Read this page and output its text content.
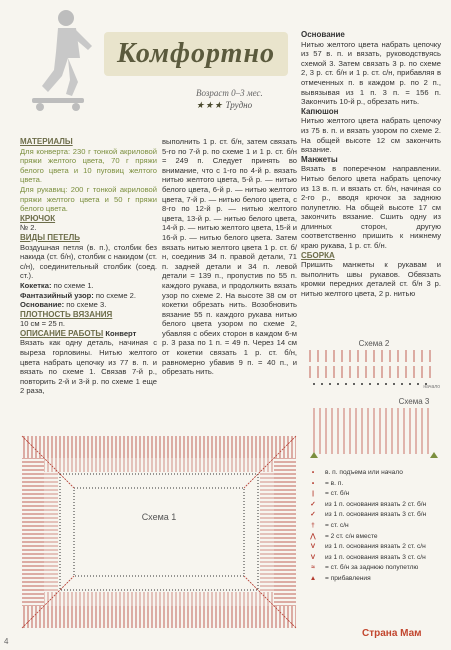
Комфортно
Возраст 0–3 мес.
★★★ Трудно

МАТЕРИАЛЫ

Для конверта: 230 г тонкой акриловой пряжи желтого цвета, 70 г пряжи белого цвета и 10 пуговиц желтого цвета.

Для рукавиц: 200 г тонкой акриловой пряжи желтого цвета и 50 г пряжи белого цвета.

КРЮЧОК

№ 2.

ВИДЫ ПЕТЕЛЬ

Воздушная петля (в. п.), столбик без накида (ст. б/н), столбик с накидом (ст. с/н), соединительный столбик (соед. ст.).

Кокетка: по схеме 1.

Фантазийный узор: по схеме 2.

Основание: по схеме 3.

ПЛОТНОСТЬ ВЯЗАНИЯ

10 см = 25 п.

ОПИСАНИЕ РАБОТЫ Конверт

Вязать как одну деталь, начиная с выреза горловины. Нитью желтого цвета набрать цепочку из 77 в. п. и вязать по схеме 1. Связав 7-й р., повторить 2-й и 3-й р. по схеме 1 еще 2 раза,

выполнить 1 р. ст. б/н, затем связать 5-го по 7-й р. по схеме 1 и 1 р. ст. б/н = 249 п. Следует принять во внимание, что с 1-го по 4-й р. вязать нитью желтого цвета, 5-й р. — нитью белого цвета, 6-й р. — нитью желтого цвета, 7-й р. — нитью белого цвета, с 8-го по 12-й р. — нитью желтого цвета, 13-й р. — нитью белого цвета, 14-й р. — нитью желтого цвета, 15-й и 16-й р. — нитью белого цвета. Затем вязать нитью желтого цвета 1 р. ст. б/н, соединив 34 п. правой детали, 71 п. задней детали и 34 п. левой детали = 139 п., пропустив по 55 п. каждого рукава, и продолжить вязать узор по схеме 2. На высоте 38 см от кокетки обрезать нить. Возобновить вязание 55 п. каждого рукава нитью белого цвета узором по схеме 2, убавляя с обеих сторон в каждом 6-м р. 3 раза по 1 п. = 49 п. Через 14 см от кокетки связать 1 р. ст. б/н, равномерно убавив 9 п. = 40 п., и обрезать нить.

Основание

Нитью желтого цвета набрать цепочку из 57 в. п. и вязать, руководствуясь схемой 3. Затем связать 3 р. по схеме 2, 3 р. ст. б/н и 1 р. ст. с/н, прибавляя в отмеченных п. в каждом р. по 2 п., вывязывая из 1 п. 3 п. = 156 п. Закончить 10-й р., обрезать нить.

Капюшон

Нитью желтого цвета набрать цепочку из 75 в. п. и вязать узором по схеме 2. На общей высоте 12 см закончить вязание.

Манжеты

Вязать в поперечном направлении. Нитью белого цвета набрать цепочку из 13 в. п. и вязать ст. б/н, начиная со 2-го р., вводя крючок за заднюю полупетлю. На общей высоте 17 см закончить вязание. Сшить одну из длинных сторон, другую соответственно пришить к нижнему краю рукава, 1 р. ст. б/н.

СБОРКА

Пришить манжеты к рукавам и выполнить швы рукавов. Обвязать кромки передних деталей ст. б/н 3 р. нитью желтого цвета, 2 р. нитью

Схема 1
Схема 2
начало
Схема 3
•	в. п. подъема или начало
•	= в. п.
|	= ст. б/н
✓	из 1 п. основания вязать 2 ст. б/н
✓	из 1 п. основания вязать 3 ст. б/н
†	= ст. с/н
⋀	= 2 ст. с/н вместе
V	из 1 п. основания вязать 2 ст. с/н
V	из 1 п. основания вязать 3 ст. с/н
≈	= ст. б/н за заднюю полупетлю
▲	= прибавления
4
Страна Мам
